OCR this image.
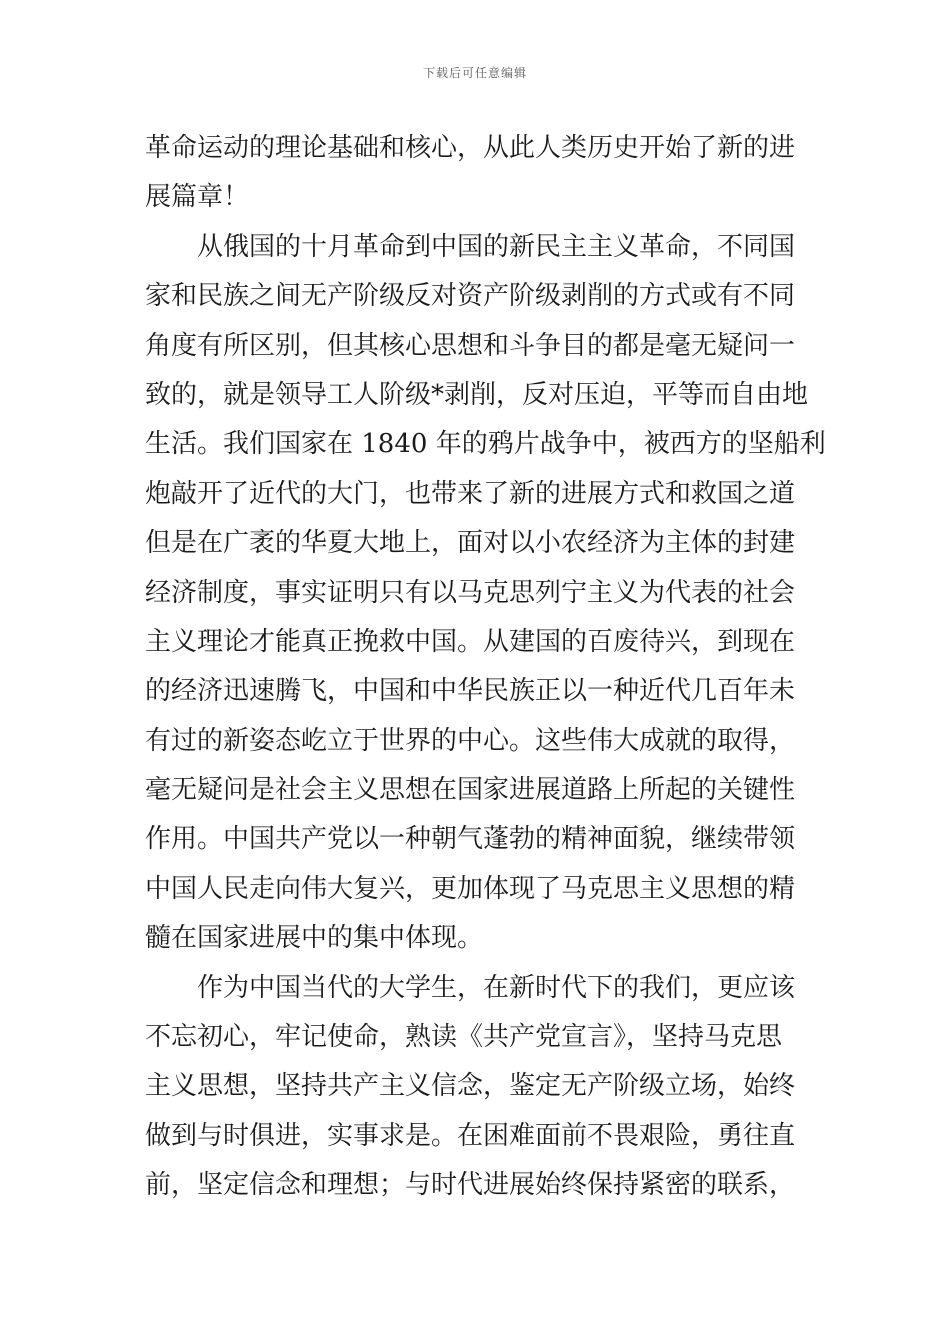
下载后可任意编辑
革命运动的理论基础和核心，从此人类历史开始了新的进
展篇章！
　　从俄国的十月革命到中国的新民主主义革命，不同国
家和民族之间无产阶级反对资产阶级剥削的方式或有不同
角度有所区别，但其核心思想和斗争目的都是毫无疑问一
致的，就是领导工人阶级*剥削，反对压迫，平等而自由地
生活。我们国家在 1840 年的鸦片战争中，被西方的坚船利
炮敲开了近代的大门，也带来了新的进展方式和救国之道
但是在广袤的华夏大地上，面对以小农经济为主体的封建
经济制度，事实证明只有以马克思列宁主义为代表的社会
主义理论才能真正挽救中国。从建国的百废待兴，到现在
的经济迅速腾飞，中国和中华民族正以一种近代几百年未
有过的新姿态屹立于世界的中心。这些伟大成就的取得，
毫无疑问是社会主义思想在国家进展道路上所起的关键性
作用。中国共产党以一种朝气蓬勃的精神面貌，继续带领
中国人民走向伟大复兴，更加体现了马克思主义思想的精
髓在国家进展中的集中体现。
　　作为中国当代的大学生，在新时代下的我们，更应该
不忘初心，牢记使命，熟读《共产党宣言》，坚持马克思
主义思想，坚持共产主义信念，鉴定无产阶级立场，始终
做到与时俱进，实事求是。在困难面前不畏艰险，勇往直
前，坚定信念和理想；与时代进展始终保持紧密的联系，
